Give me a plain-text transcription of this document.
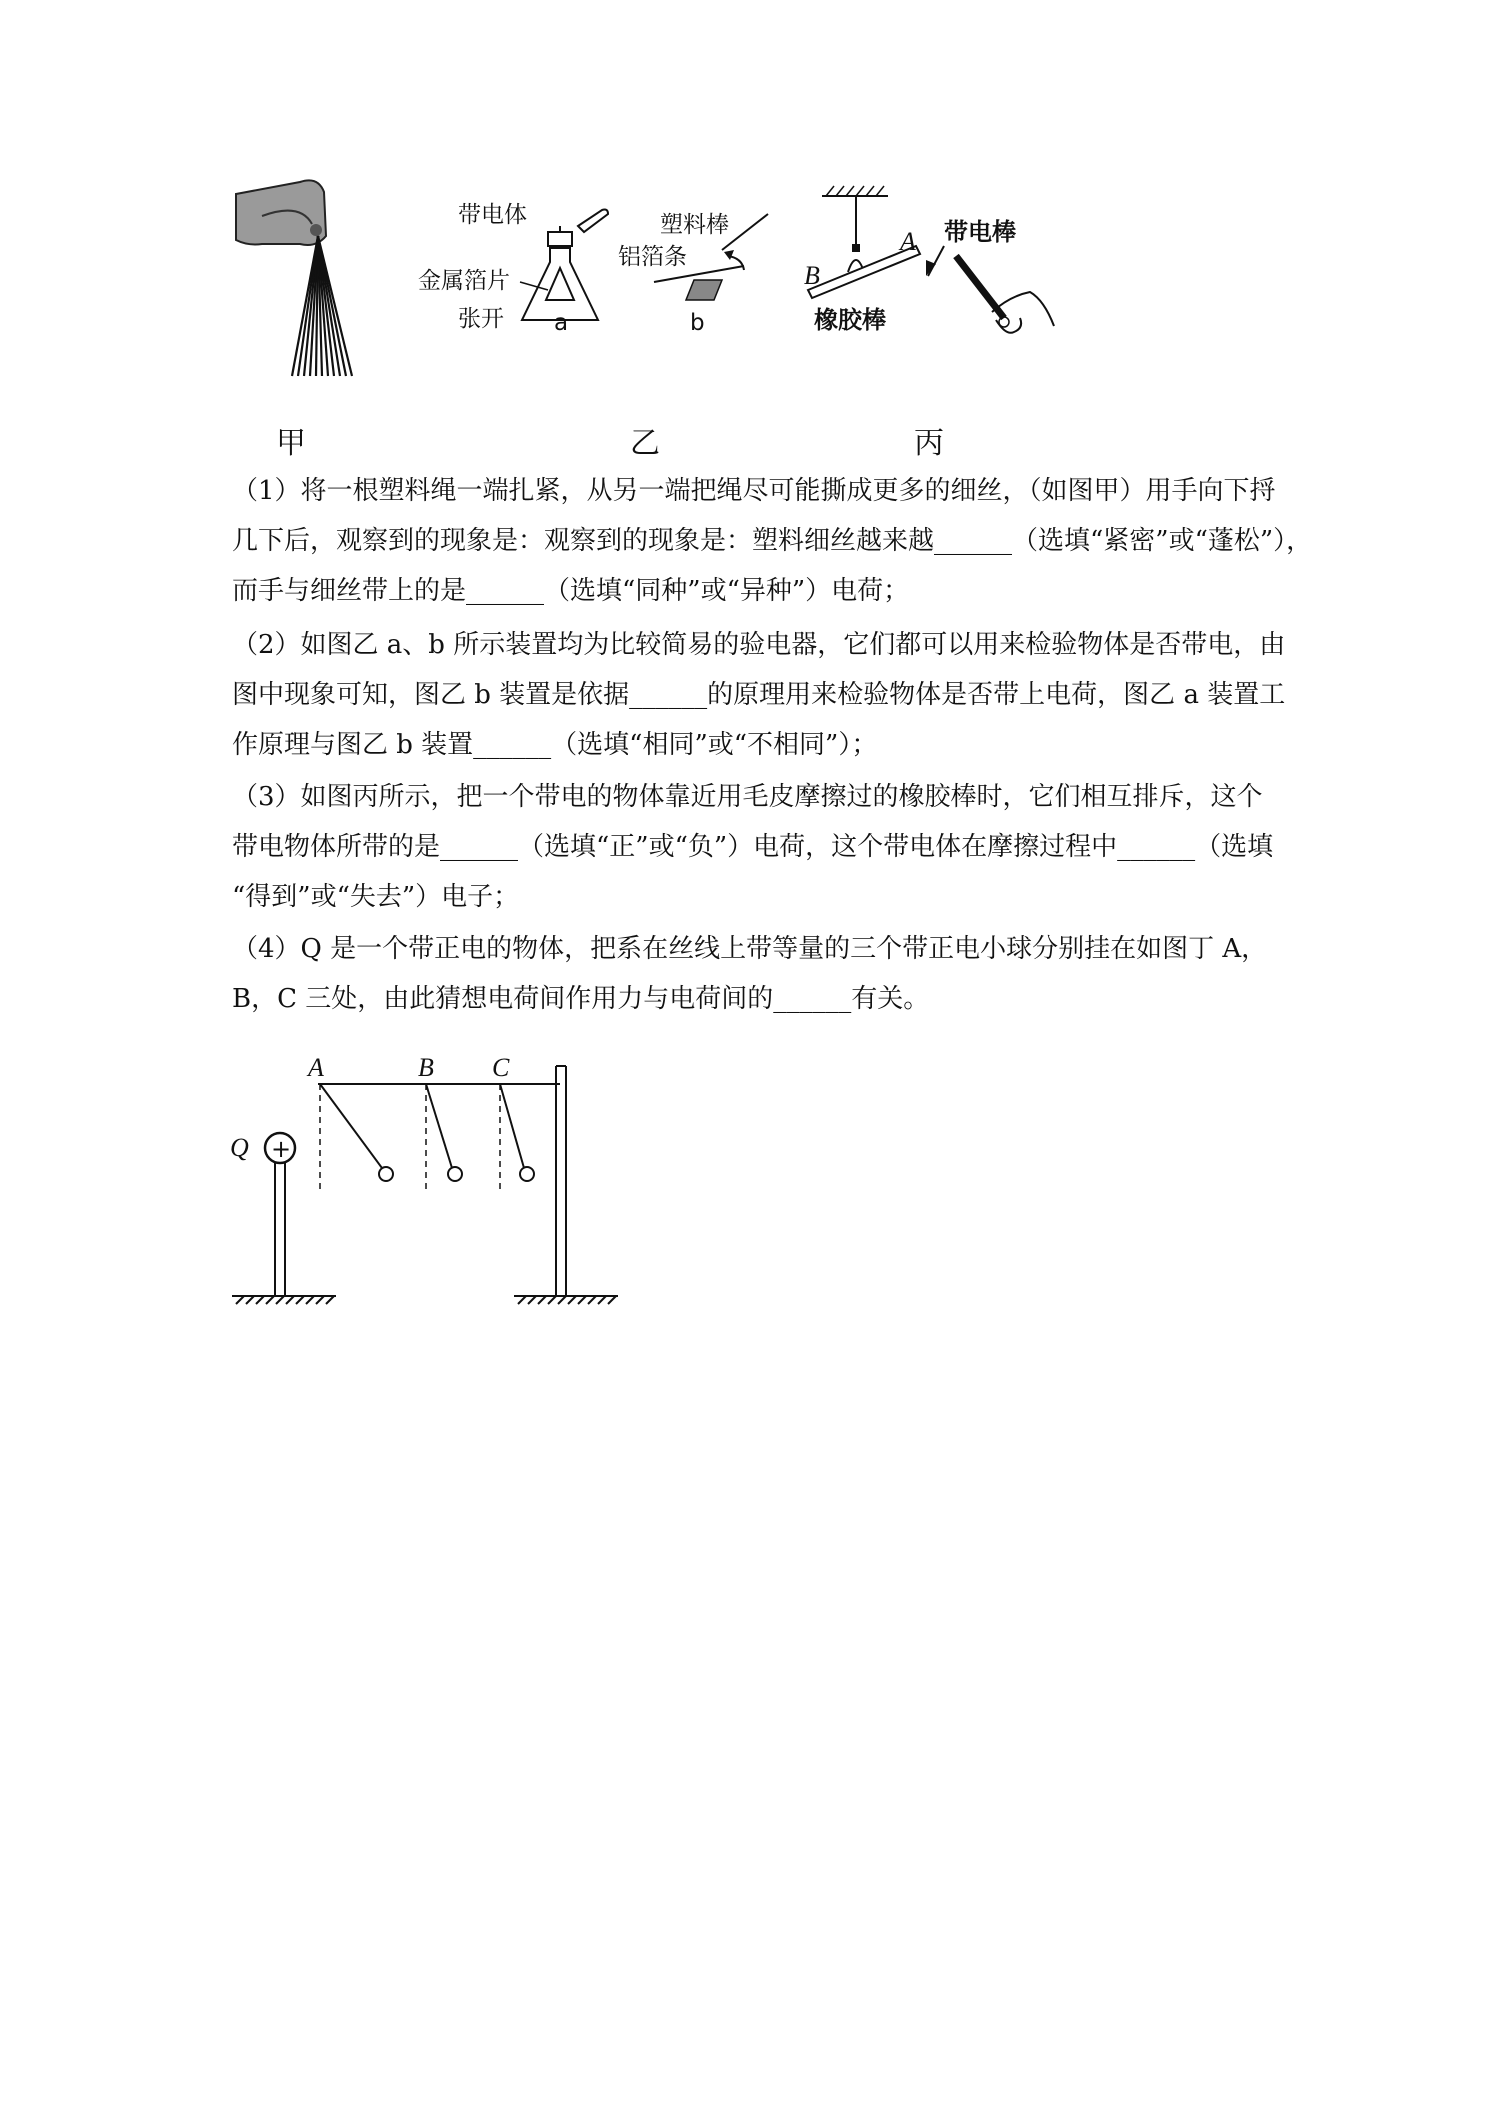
带电体
金属箔片
张开 a
塑料棒
铝箔条
b
B
A
橡胶棒
带电棒
甲	乙	丙
（1）将一根塑料绳一端扎紧，从另一端把绳尽可能撕成更多的细丝，（如图甲）用手向下捋
几下后，观察到的现象是：观察到的现象是：塑料细丝越来越______（选填“紧密”或“蓬松”），
而手与细丝带上的是______（选填“同种”或“异种”）电荷；
（2）如图乙 a、b 所示装置均为比较简易的验电器，它们都可以用来检验物体是否带电，由
图中现象可知，图乙 b 装置是依据______的原理用来检验物体是否带上电荷，图乙 a 装置工
作原理与图乙 b 装置______（选填“相同”或“不相同”）；
（3）如图丙所示，把一个带电的物体靠近用毛皮摩擦过的橡胶棒时，它们相互排斥，这个
带电物体所带的是______（选填“正”或“负”）电荷，这个带电体在摩擦过程中______（选填
“得到”或“失去”）电子；
（4）Q 是一个带正电的物体，把系在丝线上带等量的三个带正电小球分别挂在如图丁 A，
B，C 三处，由此猜想电荷间作用力与电荷间的______有关。
Q +
A	B C
